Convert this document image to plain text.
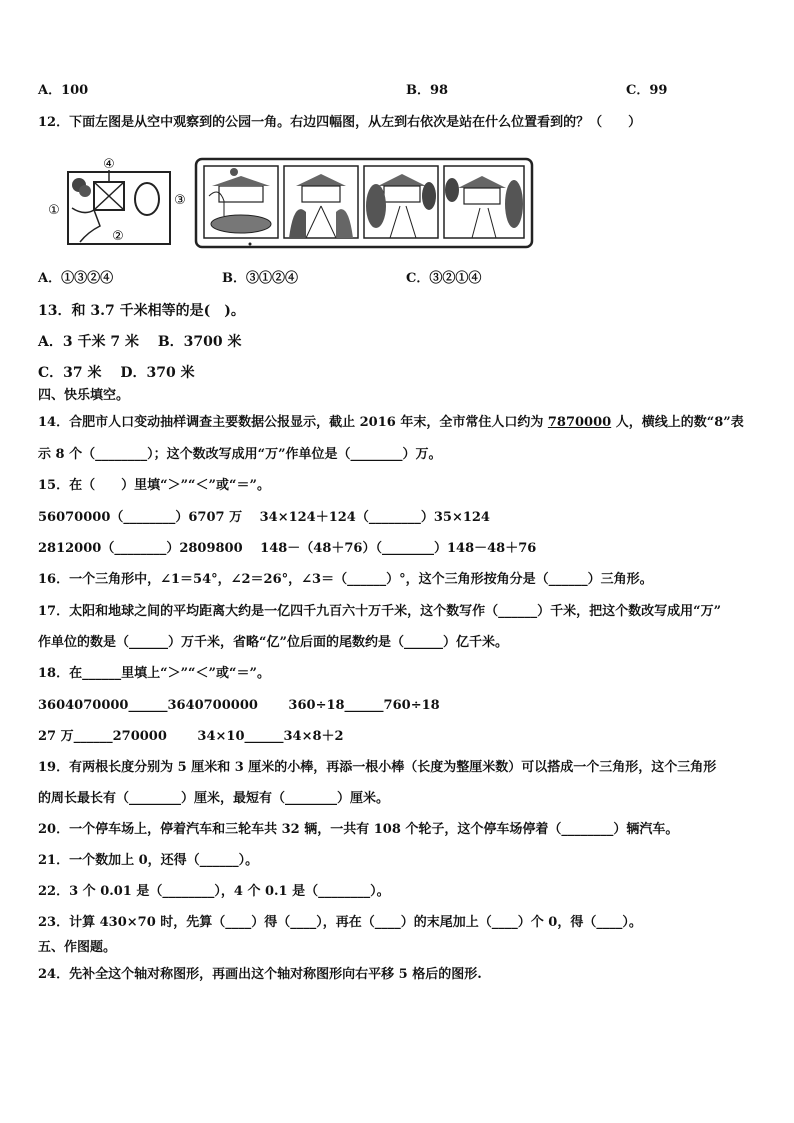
A．100	B．98	C．99
12．下面左图是从空中观察到的公园一角。右边四幅图，从左到右依次是站在什么位置看到的？（　　）
④
①
②
③
A．①③②④	B．③①②④	C．③②①④
13．和 3.7 千米相等的是(　)。
A．3 千米 7 米　 B．3700 米
C．37 米　 D．370 米
四、快乐填空。
14．合肥市人口变动抽样调查主要数据公报显示，截止 2016 年末，全市常住人口约为 7870000 人，横线上的数“8”表
示 8 个（________）；这个数改写成用“万”作单位是（________）万。
15．在（　　）里填“＞”“＜”或“＝”。
56070000（________）6707 万　 34×124＋124（________）35×124
2812000（________）2809800　 148－（48＋76）（________）148－48＋76
16．一个三角形中，∠1＝54°，∠2＝26°，∠3＝（______）°，这个三角形按角分是（______）三角形。
17．太阳和地球之间的平均距离大约是一亿四千九百六十万千米，这个数写作（______）千米，把这个数改写成用“万”
作单位的数是（______）万千米，省略“亿”位后面的尾数约是（______）亿千米。
18．在______里填上“＞”“＜”或“＝”。
3604070000______3640700000　　 360÷18______760÷18
27 万______270000　　 34×10______34×8＋2
19．有两根长度分别为 5 厘米和 3 厘米的小棒，再添一根小棒（长度为整厘米数）可以搭成一个三角形，这个三角形
的周长最长有（________）厘米，最短有（________）厘米。
20．一个停车场上，停着汽车和三轮车共 32 辆，一共有 108 个轮子，这个停车场停着（________）辆汽车。
21．一个数加上 0，还得（______）。
22．3 个 0.01 是（________），4 个 0.1 是（________）。
23．计算 430×70 时，先算（____）得（____），再在（____）的末尾加上（____）个 0，得（____）。
五、作图题。
24．先补全这个轴对称图形，再画出这个轴对称图形向右平移 5 格后的图形.
